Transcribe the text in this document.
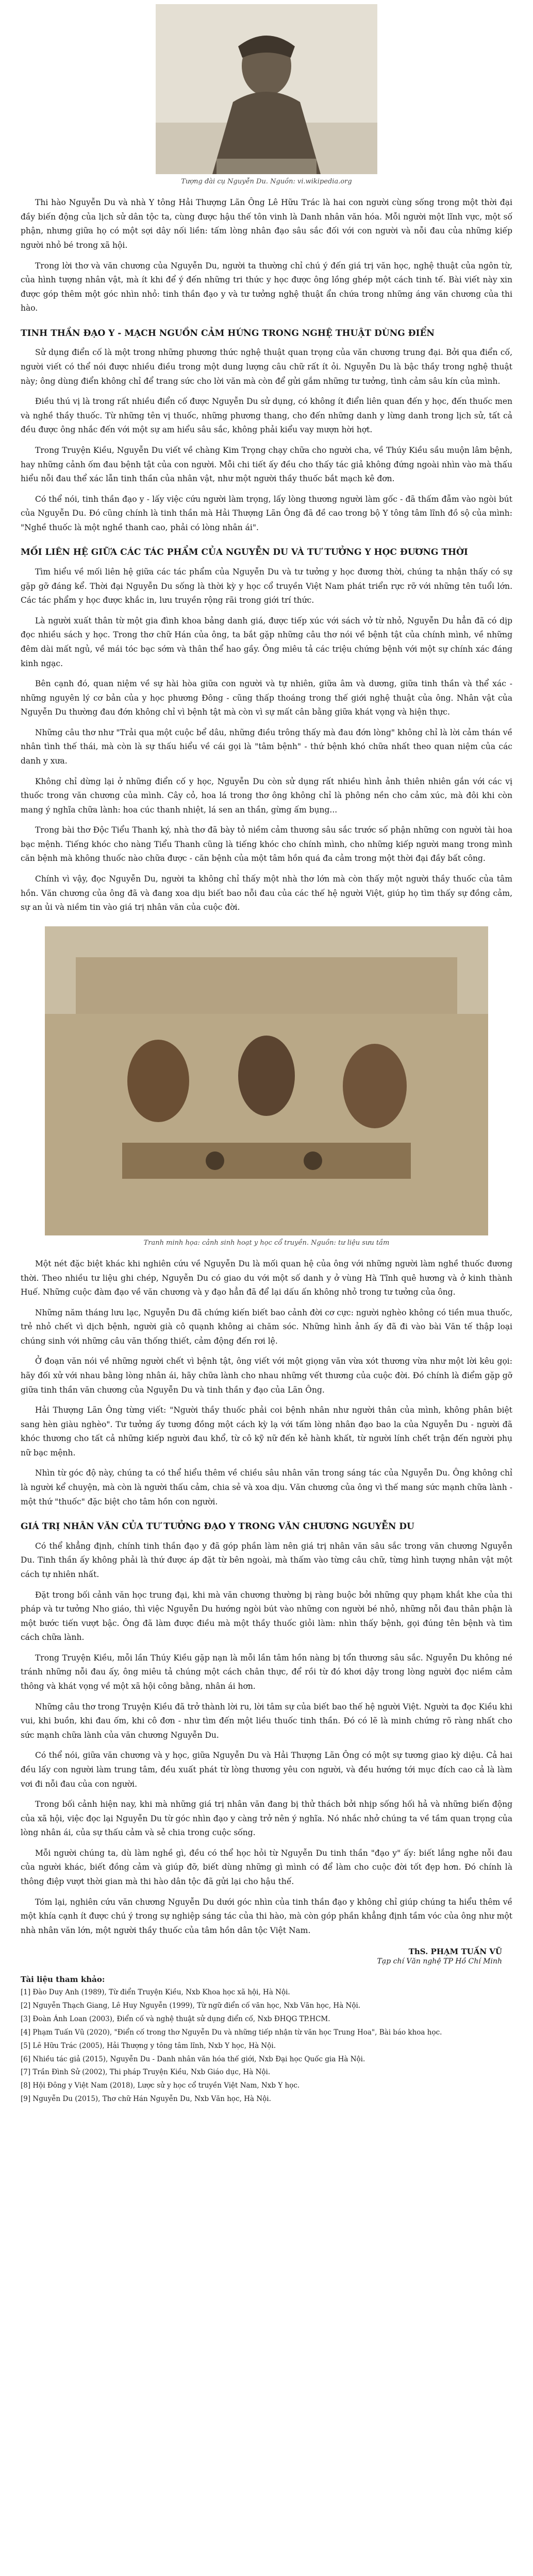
Tượng đài cụ Nguyễn Du. Nguồn: vi.wikipedia.org

Thi hào Nguyễn Du và nhà Y tông Hải Thượng Lãn Ông Lê Hữu Trác là hai con người cùng sống trong một thời đại đầy biến động của lịch sử dân tộc ta, cùng được hậu thế tôn vinh là Danh nhân văn hóa. Mỗi người một lĩnh vực, một số phận, nhưng giữa họ có một sợi dây nối liền: tấm lòng nhân đạo sâu sắc đối với con người và nỗi đau của những kiếp người nhỏ bé trong xã hội.

Trong lời thơ và văn chương của Nguyễn Du, người ta thường chỉ chú ý đến giá trị văn học, nghệ thuật của ngôn từ, của hình tượng nhân vật, mà ít khi để ý đến những tri thức y học được ông lồng ghép một cách tinh tế. Bài viết này xin được góp thêm một góc nhìn nhỏ: tinh thần đạo y và tư tưởng nghệ thuật ẩn chứa trong những áng văn chương của thi hào.

TINH THẦN ĐẠO Y - MẠCH NGUỒN CẢM HỨNG TRONG NGHỆ THUẬT DÙNG ĐIỂN

Sử dụng điển cố là một trong những phương thức nghệ thuật quan trọng của văn chương trung đại. Bởi qua điển cố, người viết có thể nói được nhiều điều trong một dung lượng câu chữ rất ít ỏi. Nguyễn Du là bậc thầy trong nghệ thuật này; ông dùng điển không chỉ để trang sức cho lời văn mà còn để gửi gắm những tư tưởng, tình cảm sâu kín của mình.

Điều thú vị là trong rất nhiều điển cố được Nguyễn Du sử dụng, có không ít điển liên quan đến y học, đến thuốc men và nghề thầy thuốc. Từ những tên vị thuốc, những phương thang, cho đến những danh y lừng danh trong lịch sử, tất cả đều được ông nhắc đến với một sự am hiểu sâu sắc, không phải kiểu vay mượn hời hợt.

Trong Truyện Kiều, Nguyễn Du viết về chàng Kim Trọng chạy chữa cho người cha, về Thúy Kiều sầu muộn lâm bệnh, hay những cảnh ốm đau bệnh tật của con người. Mỗi chi tiết ấy đều cho thấy tác giả không đứng ngoài nhìn vào mà thấu hiểu nỗi đau thể xác lẫn tinh thần của nhân vật, như một người thầy thuốc bắt mạch kê đơn.

Có thể nói, tinh thần đạo y - lấy việc cứu người làm trọng, lấy lòng thương người làm gốc - đã thấm đẫm vào ngòi bút của Nguyễn Du. Đó cũng chính là tinh thần mà Hải Thượng Lãn Ông đã đề cao trong bộ Y tông tâm lĩnh đồ sộ của mình: "Nghề thuốc là một nghề thanh cao, phải có lòng nhân ái".

MỐI LIÊN HỆ GIỮA CÁC TÁC PHẨM CỦA NGUYỄN DU VÀ TƯ TƯỞNG Y HỌC ĐƯƠNG THỜI

Tìm hiểu về mối liên hệ giữa các tác phẩm của Nguyễn Du và tư tưởng y học đương thời, chúng ta nhận thấy có sự gặp gỡ đáng kể. Thời đại Nguyễn Du sống là thời kỳ y học cổ truyền Việt Nam phát triển rực rỡ với những tên tuổi lớn. Các tác phẩm y học được khắc in, lưu truyền rộng rãi trong giới trí thức.

Là người xuất thân từ một gia đình khoa bảng danh giá, được tiếp xúc với sách vở từ nhỏ, Nguyễn Du hẳn đã có dịp đọc nhiều sách y học. Trong thơ chữ Hán của ông, ta bắt gặp những câu thơ nói về bệnh tật của chính mình, về những đêm dài mất ngủ, về mái tóc bạc sớm và thân thể hao gầy. Ông miêu tả các triệu chứng bệnh với một sự chính xác đáng kinh ngạc.

Bên cạnh đó, quan niệm về sự hài hòa giữa con người và tự nhiên, giữa âm và dương, giữa tinh thần và thể xác - những nguyên lý cơ bản của y học phương Đông - cũng thấp thoáng trong thế giới nghệ thuật của ông. Nhân vật của Nguyễn Du thường đau đớn không chỉ vì bệnh tật mà còn vì sự mất cân bằng giữa khát vọng và hiện thực.

Những câu thơ như "Trải qua một cuộc bể dâu, những điều trông thấy mà đau đớn lòng" không chỉ là lời cảm thán về nhân tình thế thái, mà còn là sự thấu hiểu về cái gọi là "tâm bệnh" - thứ bệnh khó chữa nhất theo quan niệm của các danh y xưa.

Không chỉ dừng lại ở những điển cố y học, Nguyễn Du còn sử dụng rất nhiều hình ảnh thiên nhiên gắn với các vị thuốc trong văn chương của mình. Cây cỏ, hoa lá trong thơ ông không chỉ là phông nền cho cảm xúc, mà đôi khi còn mang ý nghĩa chữa lành: hoa cúc thanh nhiệt, lá sen an thần, gừng ấm bụng...

Trong bài thơ Độc Tiểu Thanh ký, nhà thơ đã bày tỏ niềm cảm thương sâu sắc trước số phận những con người tài hoa bạc mệnh. Tiếng khóc cho nàng Tiểu Thanh cũng là tiếng khóc cho chính mình, cho những kiếp người mang trong mình căn bệnh mà không thuốc nào chữa được - căn bệnh của một tâm hồn quá đa cảm trong một thời đại đầy bất công.

Chính vì vậy, đọc Nguyễn Du, người ta không chỉ thấy một nhà thơ lớn mà còn thấy một người thầy thuốc của tâm hồn. Văn chương của ông đã và đang xoa dịu biết bao nỗi đau của các thế hệ người Việt, giúp họ tìm thấy sự đồng cảm, sự an ủi và niềm tin vào giá trị nhân văn của cuộc đời.

Tranh minh họa: cảnh sinh hoạt y học cổ truyền. Nguồn: tư liệu sưu tầm

Một nét đặc biệt khác khi nghiên cứu về Nguyễn Du là mối quan hệ của ông với những người làm nghề thuốc đương thời. Theo nhiều tư liệu ghi chép, Nguyễn Du có giao du với một số danh y ở vùng Hà Tĩnh quê hương và ở kinh thành Huế. Những cuộc đàm đạo về văn chương và y đạo hẳn đã để lại dấu ấn không nhỏ trong tư tưởng của ông.

Những năm tháng lưu lạc, Nguyễn Du đã chứng kiến biết bao cảnh đời cơ cực: người nghèo không có tiền mua thuốc, trẻ nhỏ chết vì dịch bệnh, người già cô quạnh không ai chăm sóc. Những hình ảnh ấy đã đi vào bài Văn tế thập loại chúng sinh với những câu văn thống thiết, cảm động đến rơi lệ.

Ở đoạn văn nói về những người chết vì bệnh tật, ông viết với một giọng văn vừa xót thương vừa như một lời kêu gọi: hãy đối xử với nhau bằng lòng nhân ái, hãy chữa lành cho nhau những vết thương của cuộc đời. Đó chính là điểm gặp gỡ giữa tinh thần văn chương của Nguyễn Du và tinh thần y đạo của Lãn Ông.

Hải Thượng Lãn Ông từng viết: "Người thầy thuốc phải coi bệnh nhân như người thân của mình, không phân biệt sang hèn giàu nghèo". Tư tưởng ấy tương đồng một cách kỳ lạ với tấm lòng nhân đạo bao la của Nguyễn Du - người đã khóc thương cho tất cả những kiếp người đau khổ, từ cô kỹ nữ đến kẻ hành khất, từ người lính chết trận đến người phụ nữ bạc mệnh.

Nhìn từ góc độ này, chúng ta có thể hiểu thêm về chiều sâu nhân văn trong sáng tác của Nguyễn Du. Ông không chỉ là người kể chuyện, mà còn là người thấu cảm, chia sẻ và xoa dịu. Văn chương của ông vì thế mang sức mạnh chữa lành - một thứ "thuốc" đặc biệt cho tâm hồn con người.

GIÁ TRỊ NHÂN VĂN CỦA TƯ TƯỞNG ĐẠO Y TRONG VĂN CHƯƠNG NGUYỄN DU

Có thể khẳng định, chính tinh thần đạo y đã góp phần làm nên giá trị nhân văn sâu sắc trong văn chương Nguyễn Du. Tinh thần ấy không phải là thứ được áp đặt từ bên ngoài, mà thấm vào từng câu chữ, từng hình tượng nhân vật một cách tự nhiên nhất.

Đặt trong bối cảnh văn học trung đại, khi mà văn chương thường bị ràng buộc bởi những quy phạm khắt khe của thi pháp và tư tưởng Nho giáo, thì việc Nguyễn Du hướng ngòi bút vào những con người bé nhỏ, những nỗi đau thân phận là một bước tiến vượt bậc. Ông đã làm được điều mà một thầy thuốc giỏi làm: nhìn thấy bệnh, gọi đúng tên bệnh và tìm cách chữa lành.

Trong Truyện Kiều, mỗi lần Thúy Kiều gặp nạn là mỗi lần tâm hồn nàng bị tổn thương sâu sắc. Nguyễn Du không né tránh những nỗi đau ấy, ông miêu tả chúng một cách chân thực, để rồi từ đó khơi dậy trong lòng người đọc niềm cảm thông và khát vọng về một xã hội công bằng, nhân ái hơn.

Những câu thơ trong Truyện Kiều đã trở thành lời ru, lời tâm sự của biết bao thế hệ người Việt. Người ta đọc Kiều khi vui, khi buồn, khi đau ốm, khi cô đơn - như tìm đến một liều thuốc tinh thần. Đó có lẽ là minh chứng rõ ràng nhất cho sức mạnh chữa lành của văn chương Nguyễn Du.

Có thể nói, giữa văn chương và y học, giữa Nguyễn Du và Hải Thượng Lãn Ông có một sự tương giao kỳ diệu. Cả hai đều lấy con người làm trung tâm, đều xuất phát từ lòng thương yêu con người, và đều hướng tới mục đích cao cả là làm vơi đi nỗi đau của con người.

Trong bối cảnh hiện nay, khi mà những giá trị nhân văn đang bị thử thách bởi nhịp sống hối hả và những biến động của xã hội, việc đọc lại Nguyễn Du từ góc nhìn đạo y càng trở nên ý nghĩa. Nó nhắc nhở chúng ta về tầm quan trọng của lòng nhân ái, của sự thấu cảm và sẻ chia trong cuộc sống.

Mỗi người chúng ta, dù làm nghề gì, đều có thể học hỏi từ Nguyễn Du tinh thần "đạo y" ấy: biết lắng nghe nỗi đau của người khác, biết đồng cảm và giúp đỡ, biết dùng những gì mình có để làm cho cuộc đời tốt đẹp hơn. Đó chính là thông điệp vượt thời gian mà thi hào dân tộc đã gửi lại cho hậu thế.

Tóm lại, nghiên cứu văn chương Nguyễn Du dưới góc nhìn của tinh thần đạo y không chỉ giúp chúng ta hiểu thêm về một khía cạnh ít được chú ý trong sự nghiệp sáng tác của thi hào, mà còn góp phần khẳng định tầm vóc của ông như một nhà nhân văn lớn, một người thầy thuốc của tâm hồn dân tộc Việt Nam.

ThS. PHẠM TUẤN VŨ
Tạp chí Văn nghệ TP Hồ Chí Minh
Tài liệu tham khảo:
[1] Đào Duy Anh (1989), Từ điển Truyện Kiều, Nxb Khoa học xã hội, Hà Nội.
[2] Nguyễn Thạch Giang, Lê Huy Nguyễn (1999), Từ ngữ điển cố văn học, Nxb Văn học, Hà Nội.
[3] Đoàn Ánh Loan (2003), Điển cố và nghệ thuật sử dụng điển cố, Nxb ĐHQG TP.HCM.
[4] Phạm Tuấn Vũ (2020), "Điển cố trong thơ Nguyễn Du và những tiếp nhận từ văn học Trung Hoa", Bài báo khoa học.
[5] Lê Hữu Trác (2005), Hải Thượng y tông tâm lĩnh, Nxb Y học, Hà Nội.
[6] Nhiều tác giả (2015), Nguyễn Du - Danh nhân văn hóa thế giới, Nxb Đại học Quốc gia Hà Nội.
[7] Trần Đình Sử (2002), Thi pháp Truyện Kiều, Nxb Giáo dục, Hà Nội.
[8] Hội Đông y Việt Nam (2018), Lược sử y học cổ truyền Việt Nam, Nxb Y học.
[9] Nguyễn Du (2015), Thơ chữ Hán Nguyễn Du, Nxb Văn học, Hà Nội.
